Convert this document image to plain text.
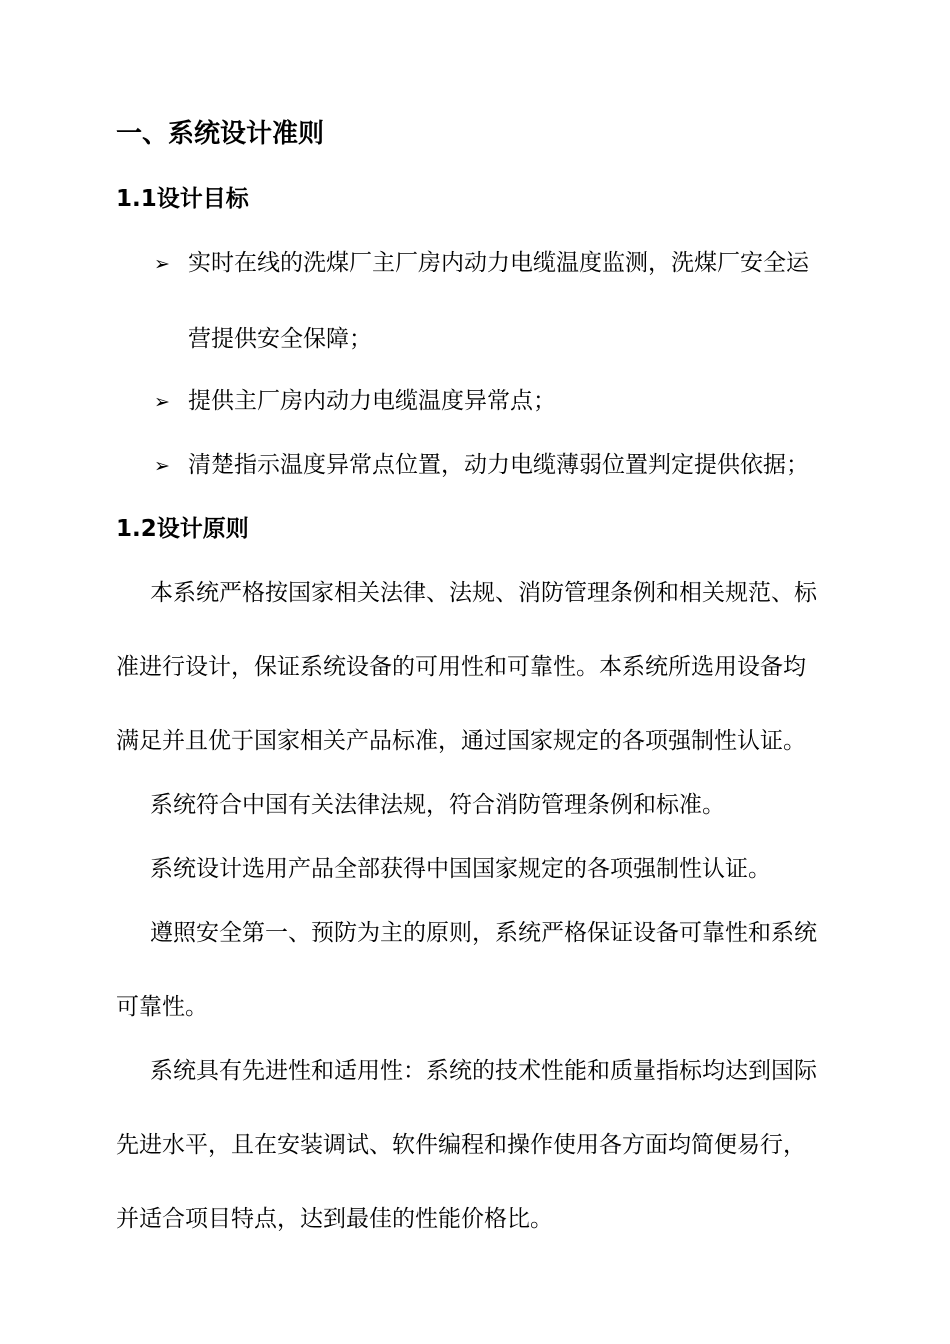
一、系统设计准则
1.1设计目标
➢ 实时在线的洗煤厂主厂房内动力电缆温度监测，洗煤厂安全运
营提供安全保障；
➢ 提供主厂房内动力电缆温度异常点；
➢ 清楚指示温度异常点位置，动力电缆薄弱位置判定提供依据；
1.2设计原则
本系统严格按国家相关法律、法规、消防管理条例和相关规范、标
准进行设计，保证系统设备的可用性和可靠性。本系统所选用设备均
满足并且优于国家相关产品标准，通过国家规定的各项强制性认证。
系统符合中国有关法律法规，符合消防管理条例和标准。
系统设计选用产品全部获得中国国家规定的各项强制性认证。
遵照安全第一、预防为主的原则，系统严格保证设备可靠性和系统
可靠性。
系统具有先进性和适用性：系统的技术性能和质量指标均达到国际
先进水平，且在安装调试、软件编程和操作使用各方面均简便易行，
并适合项目特点，达到最佳的性能价格比。
